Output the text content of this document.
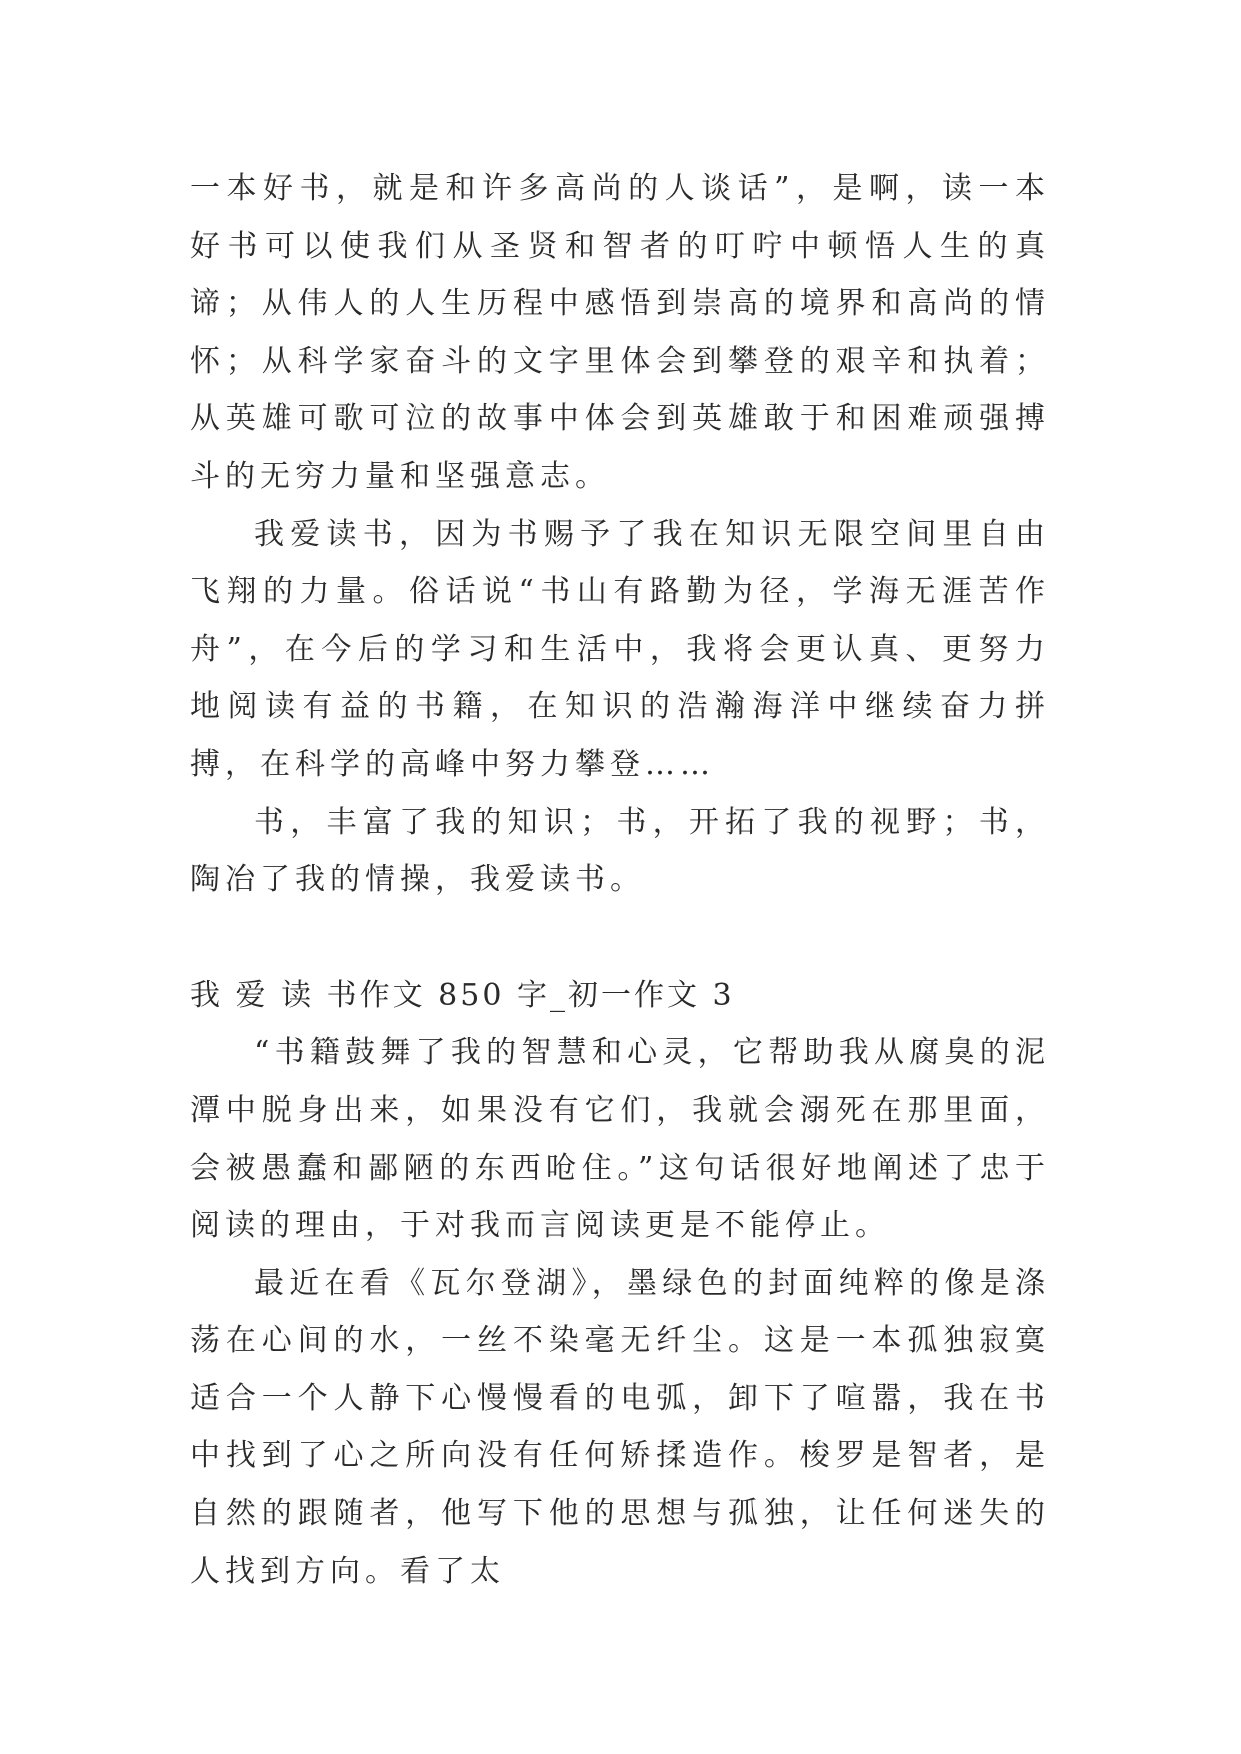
一本好书，就是和许多高尚的人谈话”，是啊，读一本好书可以使我们从圣贤和智者的叮咛中顿悟人生的真谛；从伟人的人生历程中感悟到崇高的境界和高尚的情怀；从科学家奋斗的文字里体会到攀登的艰辛和执着；从英雄可歌可泣的故事中体会到英雄敢于和困难顽强搏斗的无穷力量和坚强意志。

我爱读书，因为书赐予了我在知识无限空间里自由飞翔的力量。俗话说“书山有路勤为径，学海无涯苦作舟”，在今后的学习和生活中，我将会更认真、更努力地阅读有益的书籍，在知识的浩瀚海洋中继续奋力拼搏，在科学的高峰中努力攀登……

书，丰富了我的知识；书，开拓了我的视野；书，陶冶了我的情操，我爱读书。

我 爱 读 书作文 850 字_初一作文 3

“书籍鼓舞了我的智慧和心灵，它帮助我从腐臭的泥潭中脱身出来，如果没有它们，我就会溺死在那里面，会被愚蠢和鄙陋的东西呛住。”这句话很好地阐述了忠于阅读的理由，于对我而言阅读更是不能停止。

最近在看《瓦尔登湖》，墨绿色的封面纯粹的像是涤荡在心间的水，一丝不染毫无纤尘。这是一本孤独寂寞适合一个人静下心慢慢看的电弧，卸下了喧嚣，我在书中找到了心之所向没有任何矫揉造作。梭罗是智者，是自然的跟随者，他写下他的思想与孤独，让任何迷失的人找到方向。看了太
